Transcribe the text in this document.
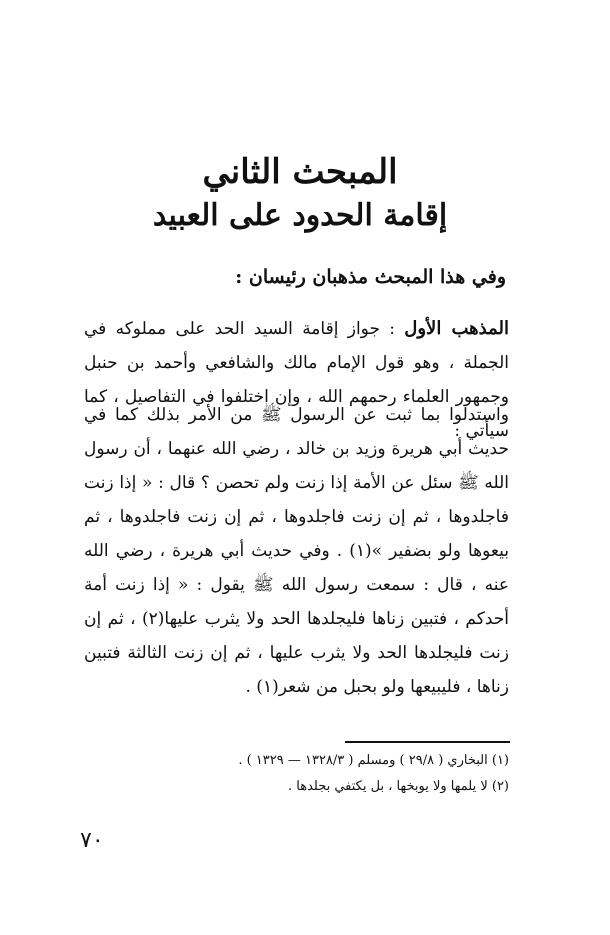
المبحث الثاني
إقامة الحدود على العبيد
وفي هذا المبحث مذهبان رئيسان :
المذهب الأول : جواز إقامة السيد الحد على مملوكه في الجملة ، وهو قول الإمام مالك والشافعي وأحمد بن حنبل وجمهور العلماء رحمهم الله ، وإن اختلفوا في التفاصيل ، كما سيأتي :
واستدلوا بما ثبت عن الرسول ﷺ من الأمر بذلك كما في حديث أبي هريرة وزيد بن خالد ، رضي الله عنهما ، أن رسول الله ﷺ سئل عن الأمة إذا زنت ولم تحصن ؟ قال : « إذا زنت فاجلدوها ، ثم إن زنت فاجلدوها ، ثم إن زنت فاجلدوها ، ثم بيعوها ولو بضفير »(١) . وفي حديث أبي هريرة ، رضي الله عنه ، قال : سمعت رسول الله ﷺ يقول : « إذا زنت أمة أحدكم ، فتبين زناها فليجلدها الحد ولا يثرب عليها(٢) ، ثم إن زنت فليجلدها الحد ولا يثرب عليها ، ثم إن زنت الثالثة فتبين زناها ، فليبيعها ولو بحبل من شعر(١) .
(١) البخاري ( ٢٩/٨ ) ومسلم ( ١٣٢٨/٣ — ١٣٢٩ ) .
(٢) لا يلمها ولا يوبخها ، بل يكتفي بجلدها .
٧٠
